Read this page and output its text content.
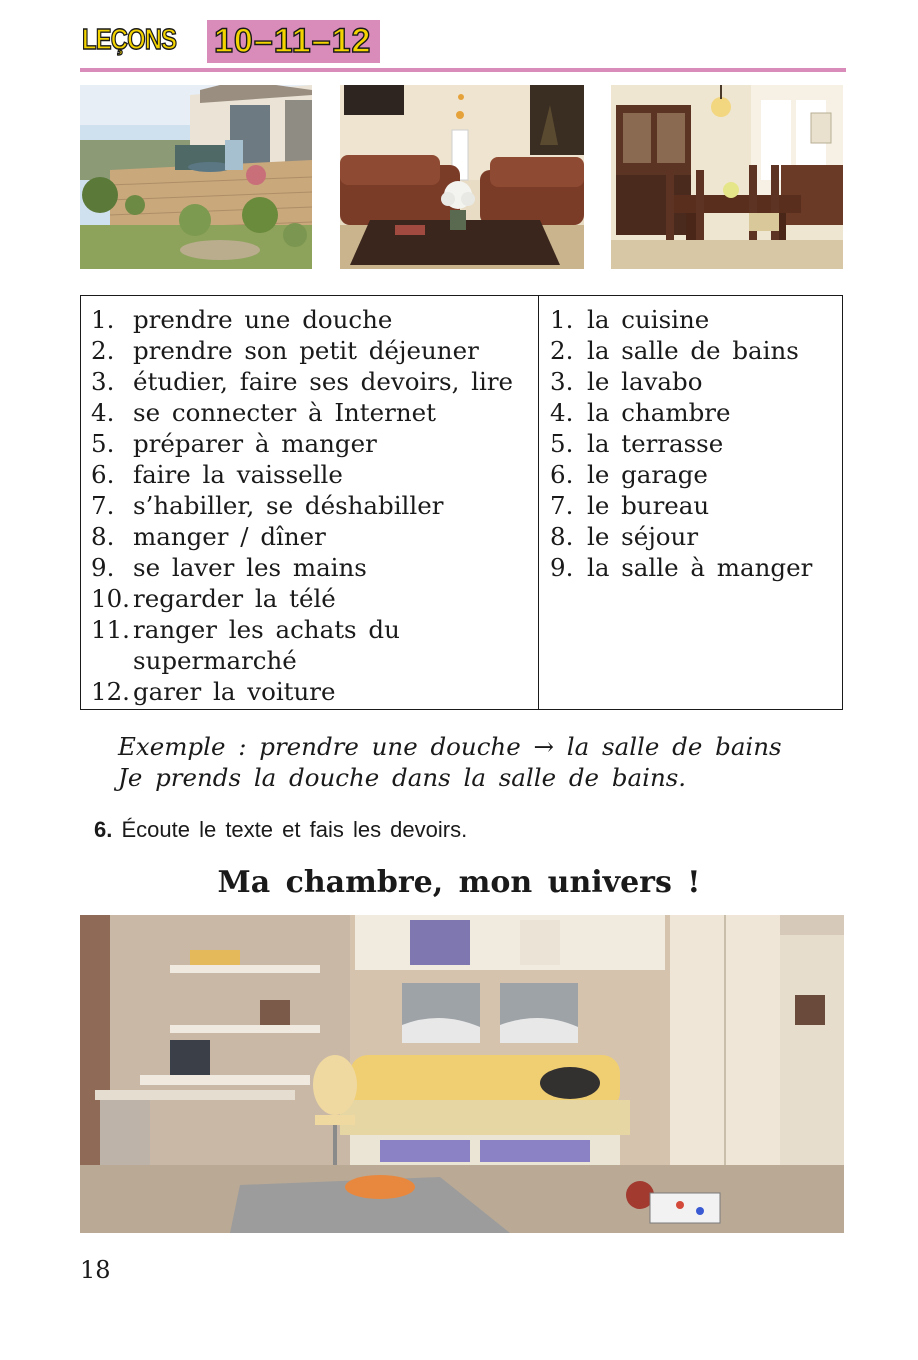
LEÇONS 10–11–12
1. prendre une douche
2. prendre son petit déjeuner
3. étudier, faire ses devoirs, lire
4. se connecter à Internet
5. préparer à manger
6. faire la vaisselle
7. s’habiller, se déshabiller
8. manger / dîner
9. se laver les mains
10. regarder la télé
11. ranger les achats du
supermarché
12. garer la voiture
1. la cuisine
2. la salle de bains
3. le lavabo
4. la chambre
5. la terrasse
6. le garage
7. le bureau
8. le séjour
9. la salle à manger
Exemple : prendre une douche → la salle de bains
Je prends la douche dans la salle de bains.
6. Écoute le texte et fais les devoirs.
Ma chambre, mon univers !
18
